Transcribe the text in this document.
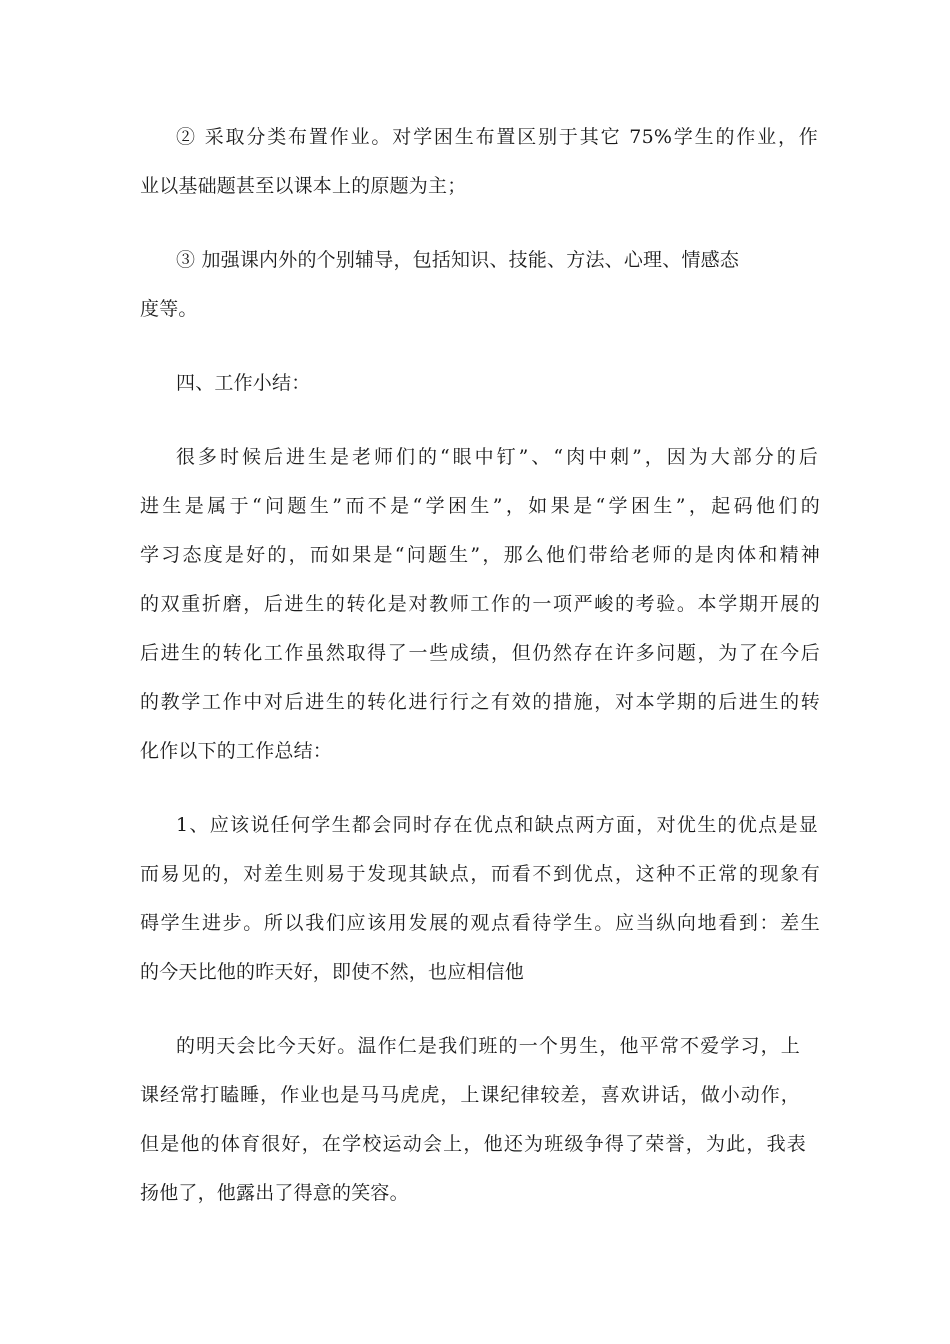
② 采取分类布置作业。对学困生布置区别于其它 75%学生的作业，作
业以基础题甚至以课本上的原题为主；
③ 加强课内外的个别辅导，包括知识、技能、方法、心理、情感态
度等。
四、工作小结：
很多时候后进生是老师们的“眼中钉”、“肉中刺”，因为大部分的后
进生是属于“问题生”而不是“学困生”，如果是“学困生”，起码他们的
学习态度是好的，而如果是“问题生”，那么他们带给老师的是肉体和精神
的双重折磨，后进生的转化是对教师工作的一项严峻的考验。本学期开展的
后进生的转化工作虽然取得了一些成绩，但仍然存在许多问题，为了在今后
的教学工作中对后进生的转化进行行之有效的措施，对本学期的后进生的转
化作以下的工作总结：
1、应该说任何学生都会同时存在优点和缺点两方面，对优生的优点是显
而易见的，对差生则易于发现其缺点，而看不到优点，这种不正常的现象有
碍学生进步。所以我们应该用发展的观点看待学生。应当纵向地看到：差生
的今天比他的昨天好，即使不然，也应相信他
的明天会比今天好。温作仁是我们班的一个男生，他平常不爱学习，上
课经常打瞌睡，作业也是马马虎虎，上课纪律较差，喜欢讲话，做小动作，
但是他的体育很好，在学校运动会上，他还为班级争得了荣誉，为此，我表
扬他了，他露出了得意的笑容。
